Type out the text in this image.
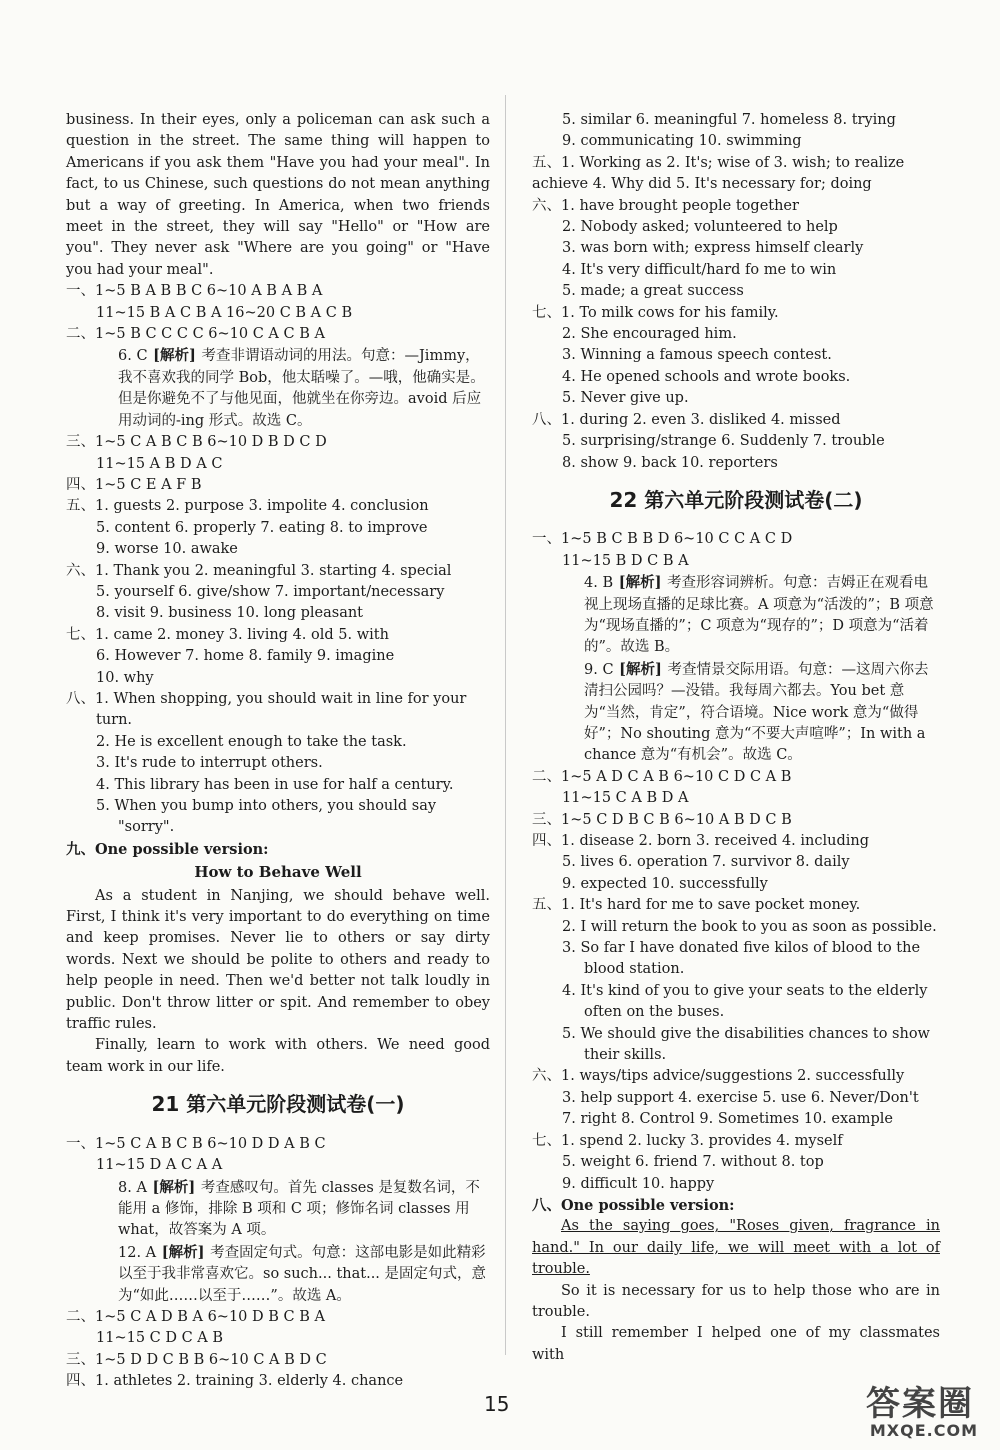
business. In their eyes, only a policeman can ask such a question in the street. The same thing will happen to Americans if you ask them "Have you had your meal". In fact, to us Chinese, such questions do not mean anything but a way of greeting. In America, when two friends meet in the street, they will say "Hello" or "How are you". They never ask "Where are you going" or "Have you had your meal".
一、1~5 B A B B C 6~10 A B A B A
11~15 B A C B A 16~20 C B A C B
二、1~5 B C C C C 6~10 C A C B A
6. C [解析] 考查非谓语动词的用法。句意：—Jimmy，我不喜欢我的同学 Bob，他太聒噪了。—哦，他确实是。但是你避免不了与他见面，他就坐在你旁边。avoid 后应用动词的-ing 形式。故选 C。
三、1~5 C A B C B 6~10 D B D C D
11~15 A B D A C
四、1~5 C E A F B
五、1. guests 2. purpose 3. impolite 4. conclusion
5. content 6. properly 7. eating 8. to improve
9. worse 10. awake
六、1. Thank you 2. meaningful 3. starting 4. special
5. yourself 6. give/show 7. important/necessary
8. visit 9. business 10. long pleasant
七、1. came 2. money 3. living 4. old 5. with
6. However 7. home 8. family 9. imagine
10. why
八、1. When shopping, you should wait in line for your turn.
2. He is excellent enough to take the task.
3. It's rude to interrupt others.
4. This library has been in use for half a century.
5. When you bump into others, you should say "sorry".
九、One possible version:
How to Behave Well
As a student in Nanjing, we should behave well. First, I think it's very important to do everything on time and keep promises. Never lie to others or say dirty words. Next we should be polite to others and ready to help people in need. Then we'd better not talk loudly in public. Don't throw litter or spit. And remember to obey traffic rules.
Finally, learn to work with others. We need good team work in our life.
21 第六单元阶段测试卷(一)
一、1~5 C A B C B 6~10 D D A B C
11~15 D A C A A
8. A [解析] 考查感叹句。首先 classes 是复数名词，不能用 a 修饰，排除 B 项和 C 项；修饰名词 classes 用 what，故答案为 A 项。
12. A [解析] 考查固定句式。句意：这部电影是如此精彩以至于我非常喜欢它。so such... that... 是固定句式，意为“如此……以至于……”。故选 A。
二、1~5 C A D B A 6~10 D B C B A
11~15 C D C A B
三、1~5 D D C B B 6~10 C A B D C
四、1. athletes 2. training 3. elderly 4. chance
5. similar 6. meaningful 7. homeless 8. trying
9. communicating 10. swimming
五、1. Working as 2. It's; wise of 3. wish; to realize
achieve 4. Why did 5. It's necessary for; doing
六、1. have brought people together
2. Nobody asked; volunteered to help
3. was born with; express himself clearly
4. It's very difficult/hard fo me to win
5. made; a great success
七、1. To milk cows for his family.
2. She encouraged him.
3. Winning a famous speech contest.
4. He opened schools and wrote books.
5. Never give up.
八、1. during 2. even 3. disliked 4. missed
5. surprising/strange 6. Suddenly 7. trouble
8. show 9. back 10. reporters
22 第六单元阶段测试卷(二)
一、1~5 B C B B D 6~10 C C A C D
11~15 B D C B A
4. B [解析] 考查形容词辨析。句意：吉姆正在观看电视上现场直播的足球比赛。A 项意为“活泼的”；B 项意为“现场直播的”；C 项意为“现存的”；D 项意为“活着的”。故选 B。
9. C [解析] 考查情景交际用语。句意：—这周六你去清扫公园吗？—没错。我每周六都去。You bet 意为“当然，肯定”，符合语境。Nice work 意为“做得好”；No shouting 意为“不要大声喧哗”；In with a chance 意为“有机会”。故选 C。
二、1~5 A D C A B 6~10 C D C A B
11~15 C A B D A
三、1~5 C D B C B 6~10 A B D C B
四、1. disease 2. born 3. received 4. including
5. lives 6. operation 7. survivor 8. daily
9. expected 10. successfully
五、1. It's hard for me to save pocket money.
2. I will return the book to you as soon as possible.
3. So far I have donated five kilos of blood to the blood station.
4. It's kind of you to give your seats to the elderly often on the buses.
5. We should give the disabilities chances to show their skills.
六、1. ways/tips advice/suggestions 2. successfully
3. help support 4. exercise 5. use 6. Never/Don't
7. right 8. Control 9. Sometimes 10. example
七、1. spend 2. lucky 3. provides 4. myself
5. weight 6. friend 7. without 8. top
9. difficult 10. happy
八、One possible version:
As the saying goes, "Roses given, fragrance in hand." In our daily life, we will meet with a lot of trouble.
So it is necessary for us to help those who are in trouble.
I still remember I helped one of my classmates with
15	答案圈
MXQE.COM
